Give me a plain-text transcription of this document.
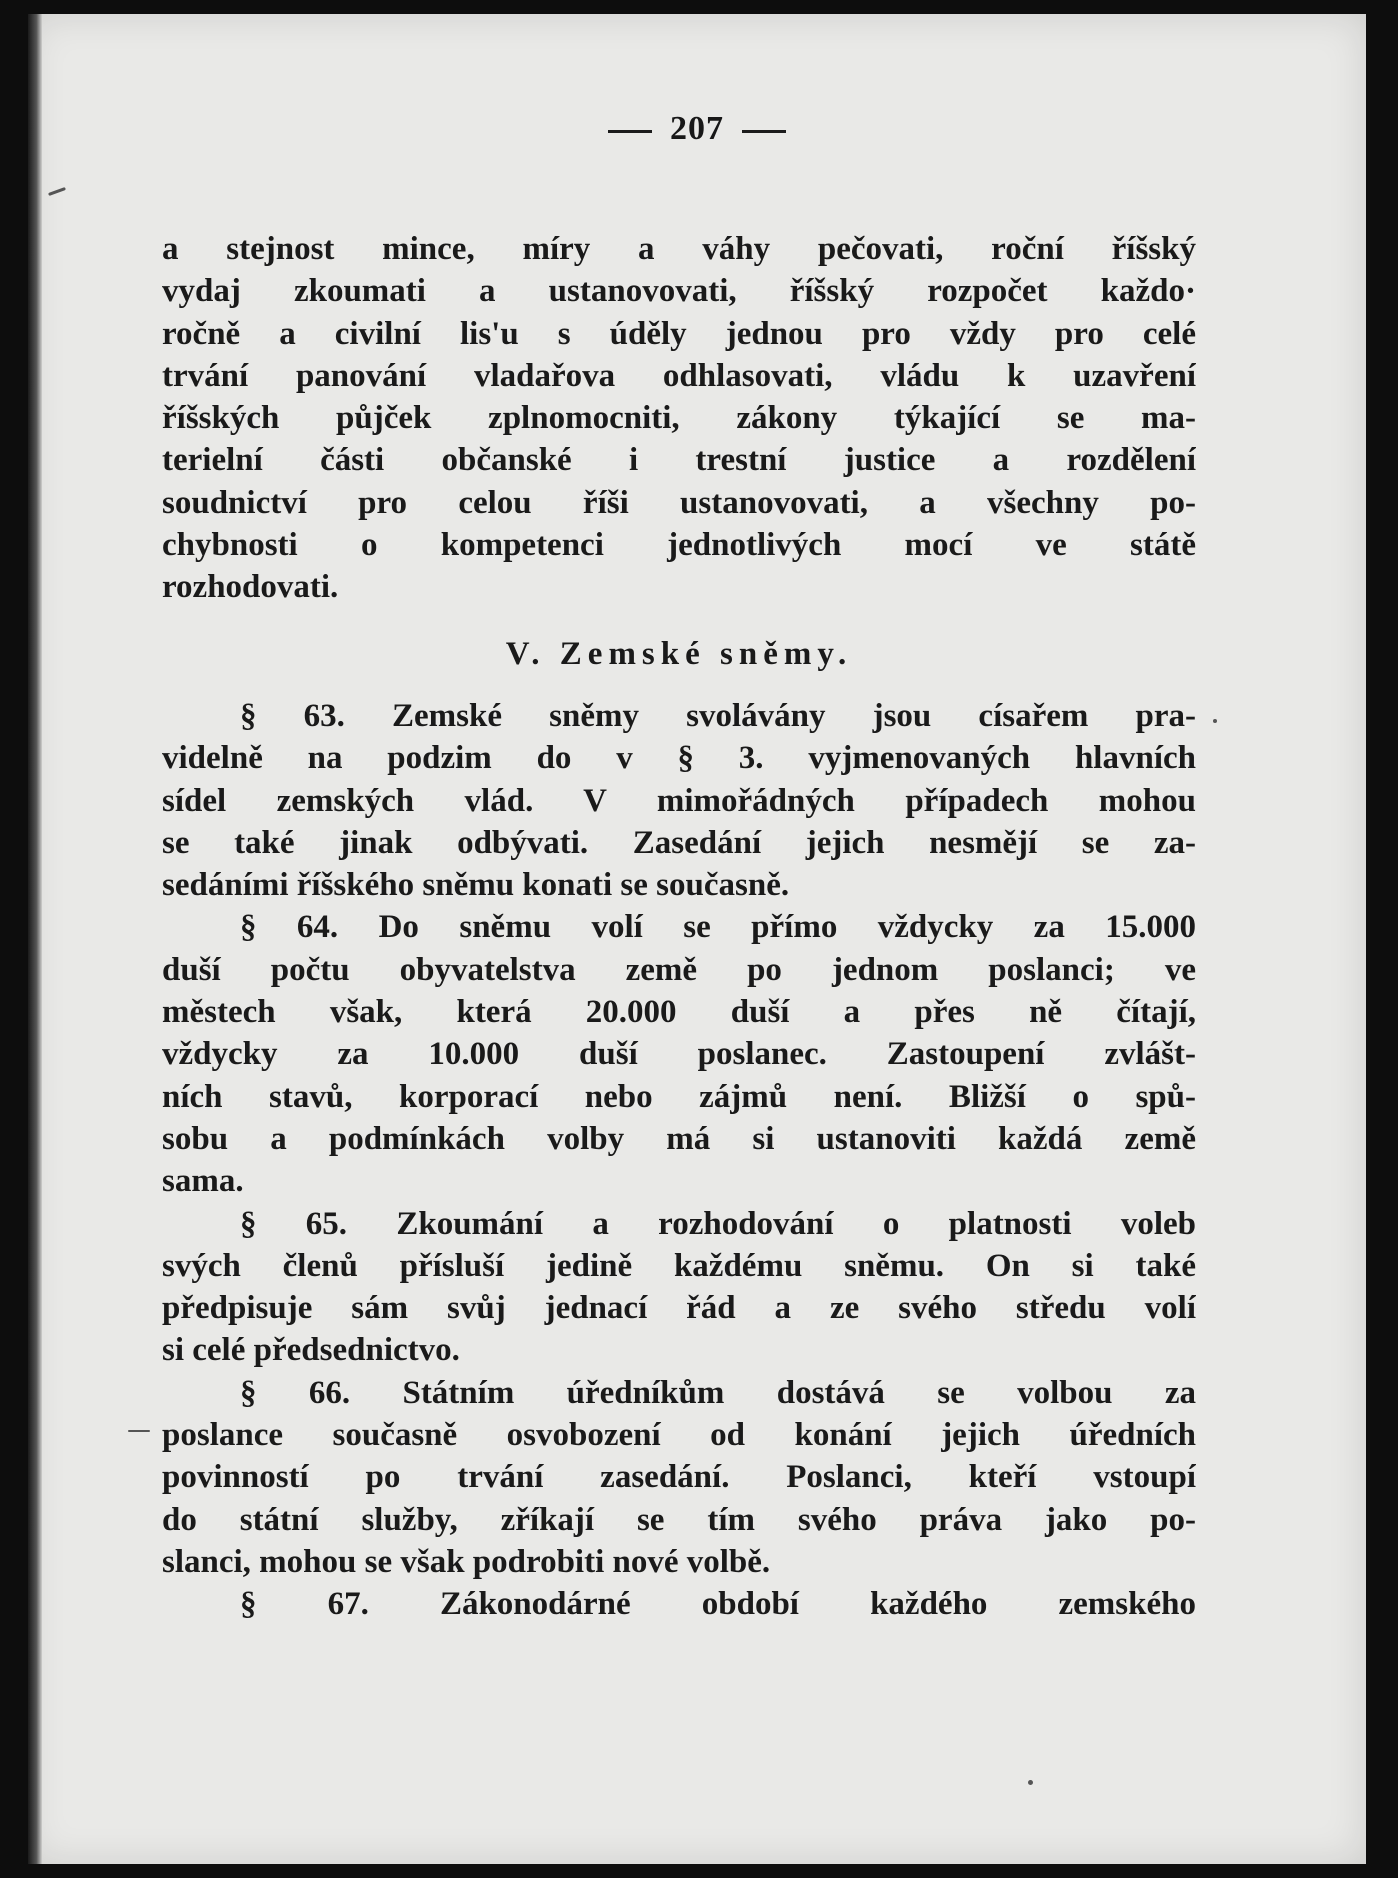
207
a stejnost mince, míry a váhy pečovati, roční říšský
vydaj zkoumati a ustanovovati, říšský rozpočet každo·
ročně a civilní lis'u s úděly jednou pro vždy pro celé
trvání panování vladařova odhlasovati, vládu k uzavření
říšských půjček zplnomocniti, zákony týkající se ma-
terielní části občanské i trestní justice a rozdělení
soudnictví pro celou říši ustanovovati, a všechny po-
chybnosti o kompetenci jednotlivých mocí ve státě
rozhodovati.
V. Zemské sněmy.
§ 63. Zemské sněmy svolávány jsou císařem pra-
videlně na podzim do v § 3. vyjmenovaných hlavních
sídel zemských vlád. V mimořádných případech mohou
se také jinak odbývati. Zasedání jejich nesmějí se za-
sedáními říšského sněmu konati se současně.
§ 64. Do sněmu volí se přímo vždycky za 15.000
duší počtu obyvatelstva země po jednom poslanci; ve
městech však, která 20.000 duší a přes ně čítají,
vždycky za 10.000 duší poslanec. Zastoupení zvlášt-
ních stavů, korporací nebo zájmů není. Bližší o spů-
sobu a podmínkách volby má si ustanoviti každá země
sama.
§ 65. Zkoumání a rozhodování o platnosti voleb
svých členů přísluší jedině každému sněmu. On si také
předpisuje sám svůj jednací řád a ze svého středu volí
si celé předsednictvo.
§ 66. Státním úředníkům dostává se volbou za
poslance současně osvobození od konání jejich úředních
povinností po trvání zasedání. Poslanci, kteří vstoupí
do státní služby, zříkají se tím svého práva jako po-
slanci, mohou se však podrobiti nové volbě.
§ 67. Zákonodárné období každého zemského
